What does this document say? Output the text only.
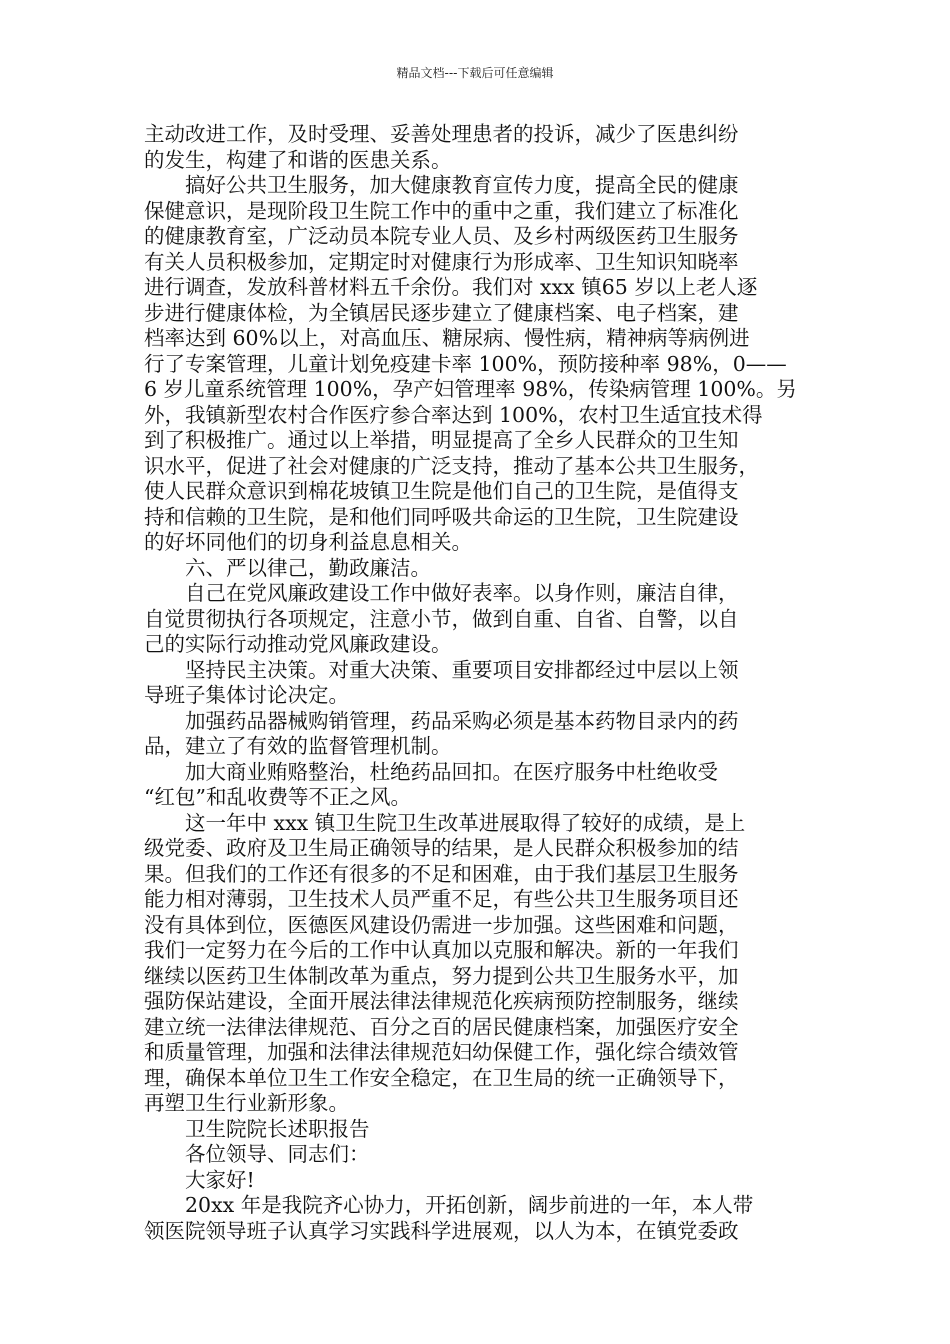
精品文档---下载后可任意编辑
主动改进工作，及时受理、妥善处理患者的投诉，减少了医患纠纷
的发生，构建了和谐的医患关系。
　　搞好公共卫生服务，加大健康教育宣传力度，提高全民的健康
保健意识，是现阶段卫生院工作中的重中之重，我们建立了标准化
的健康教育室，广泛动员本院专业人员、及乡村两级医药卫生服务
有关人员积极参加，定期定时对健康行为形成率、卫生知识知晓率
进行调查，发放科普材料五千余份。我们对 xxx 镇65 岁以上老人逐
步进行健康体检，为全镇居民逐步建立了健康档案、电子档案，建
档率达到 60%以上，对高血压、糖尿病、慢性病，精神病等病例进
行了专案管理，儿童计划免疫建卡率 100%，预防接种率 98%，0——
6 岁儿童系统管理 100%，孕产妇管理率 98%，传染病管理 100%。另
外，我镇新型农村合作医疗参合率达到 100%，农村卫生适宜技术得
到了积极推广。通过以上举措，明显提高了全乡人民群众的卫生知
识水平，促进了社会对健康的广泛支持，推动了基本公共卫生服务，
使人民群众意识到棉花坡镇卫生院是他们自己的卫生院，是值得支
持和信赖的卫生院，是和他们同呼吸共命运的卫生院，卫生院建设
的好坏同他们的切身利益息息相关。
　　六、严以律己，勤政廉洁。
　　自己在党风廉政建设工作中做好表率。以身作则，廉洁自律，
自觉贯彻执行各项规定，注意小节，做到自重、自省、自警，以自
己的实际行动推动党风廉政建设。
　　坚持民主决策。对重大决策、重要项目安排都经过中层以上领
导班子集体讨论决定。
　　加强药品器械购销管理，药品采购必须是基本药物目录内的药
品，建立了有效的监督管理机制。
　　加大商业贿赂整治，杜绝药品回扣。在医疗服务中杜绝收受
“红包”和乱收费等不正之风。
　　这一年中 xxx 镇卫生院卫生改革进展取得了较好的成绩，是上
级党委、政府及卫生局正确领导的结果，是人民群众积极参加的结
果。但我们的工作还有很多的不足和困难，由于我们基层卫生服务
能力相对薄弱，卫生技术人员严重不足，有些公共卫生服务项目还
没有具体到位，医德医风建设仍需进一步加强。这些困难和问题，
我们一定努力在今后的工作中认真加以克服和解决。新的一年我们
继续以医药卫生体制改革为重点，努力提到公共卫生服务水平，加
强防保站建设，全面开展法律法律规范化疾病预防控制服务，继续
建立统一法律法律规范、百分之百的居民健康档案，加强医疗安全
和质量管理，加强和法律法律规范妇幼保健工作，强化综合绩效管
理，确保本单位卫生工作安全稳定，在卫生局的统一正确领导下，
再塑卫生行业新形象。
　　卫生院院长述职报告
　　各位领导、同志们：
　　大家好!
　　20xx 年是我院齐心协力，开拓创新，阔步前进的一年，本人带
领医院领导班子认真学习实践科学进展观，以人为本，在镇党委政
